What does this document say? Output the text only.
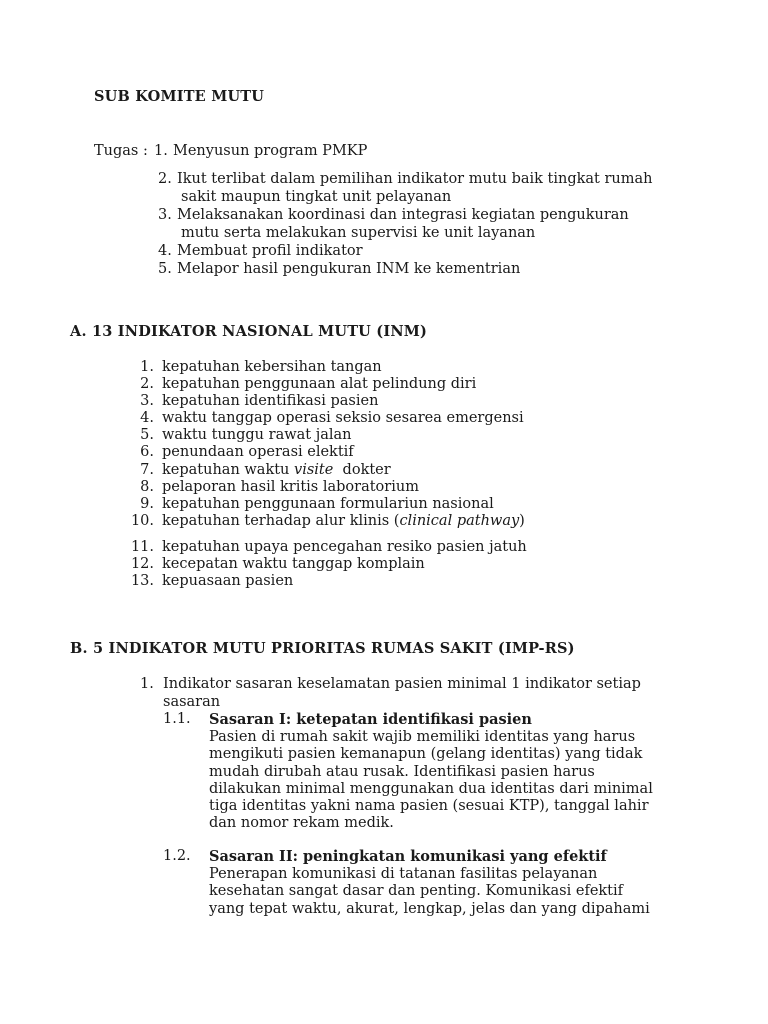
SUB KOMITE MUTU
Tugas : 1. Menyusun program PMKP
2. Ikut terlibat dalam pemilihan indikator mutu baik tingkat rumah
sakit maupun tingkat unit pelayanan
3. Melaksanakan koordinasi dan integrasi kegiatan pengukuran
mutu serta melakukan supervisi ke unit layanan
4. Membuat profil indikator
5. Melapor hasil pengukuran INM ke kementrian
A. 13 INDIKATOR NASIONAL MUTU (INM)
1. kepatuhan kebersihan tangan
2. kepatuhan penggunaan alat pelindung diri
3. kepatuhan identifikasi pasien
4. waktu tanggap operasi seksio sesarea emergensi
5. waktu tunggu rawat jalan
6. penundaan operasi elektif
7. kepatuhan waktu visite  dokter
8. pelaporan hasil kritis laboratorium
9. kepatuhan penggunaan formulariun nasional
10. kepatuhan terhadap alur klinis (clinical pathway)
11. kepatuhan upaya pencegahan resiko pasien jatuh
12. kecepatan waktu tanggap komplain
13. kepuasaan pasien
B. 5 INDIKATOR MUTU PRIORITAS RUMAS SAKIT (IMP-RS)
1. Indikator sasaran keselamatan pasien minimal 1 indikator setiap
sasaran
1.1. Sasaran I: ketepatan identifikasi pasien
Pasien di rumah sakit wajib memiliki identitas yang harus
mengikuti pasien kemanapun (gelang identitas) yang tidak
mudah dirubah atau rusak. Identifikasi pasien harus
dilakukan minimal menggunakan dua identitas dari minimal
tiga identitas yakni nama pasien (sesuai KTP), tanggal lahir
dan nomor rekam medik.
1.2. Sasaran II: peningkatan komunikasi yang efektif
Penerapan komunikasi di tatanan fasilitas pelayanan
kesehatan sangat dasar dan penting. Komunikasi efektif
yang tepat waktu, akurat, lengkap, jelas dan yang dipahami
